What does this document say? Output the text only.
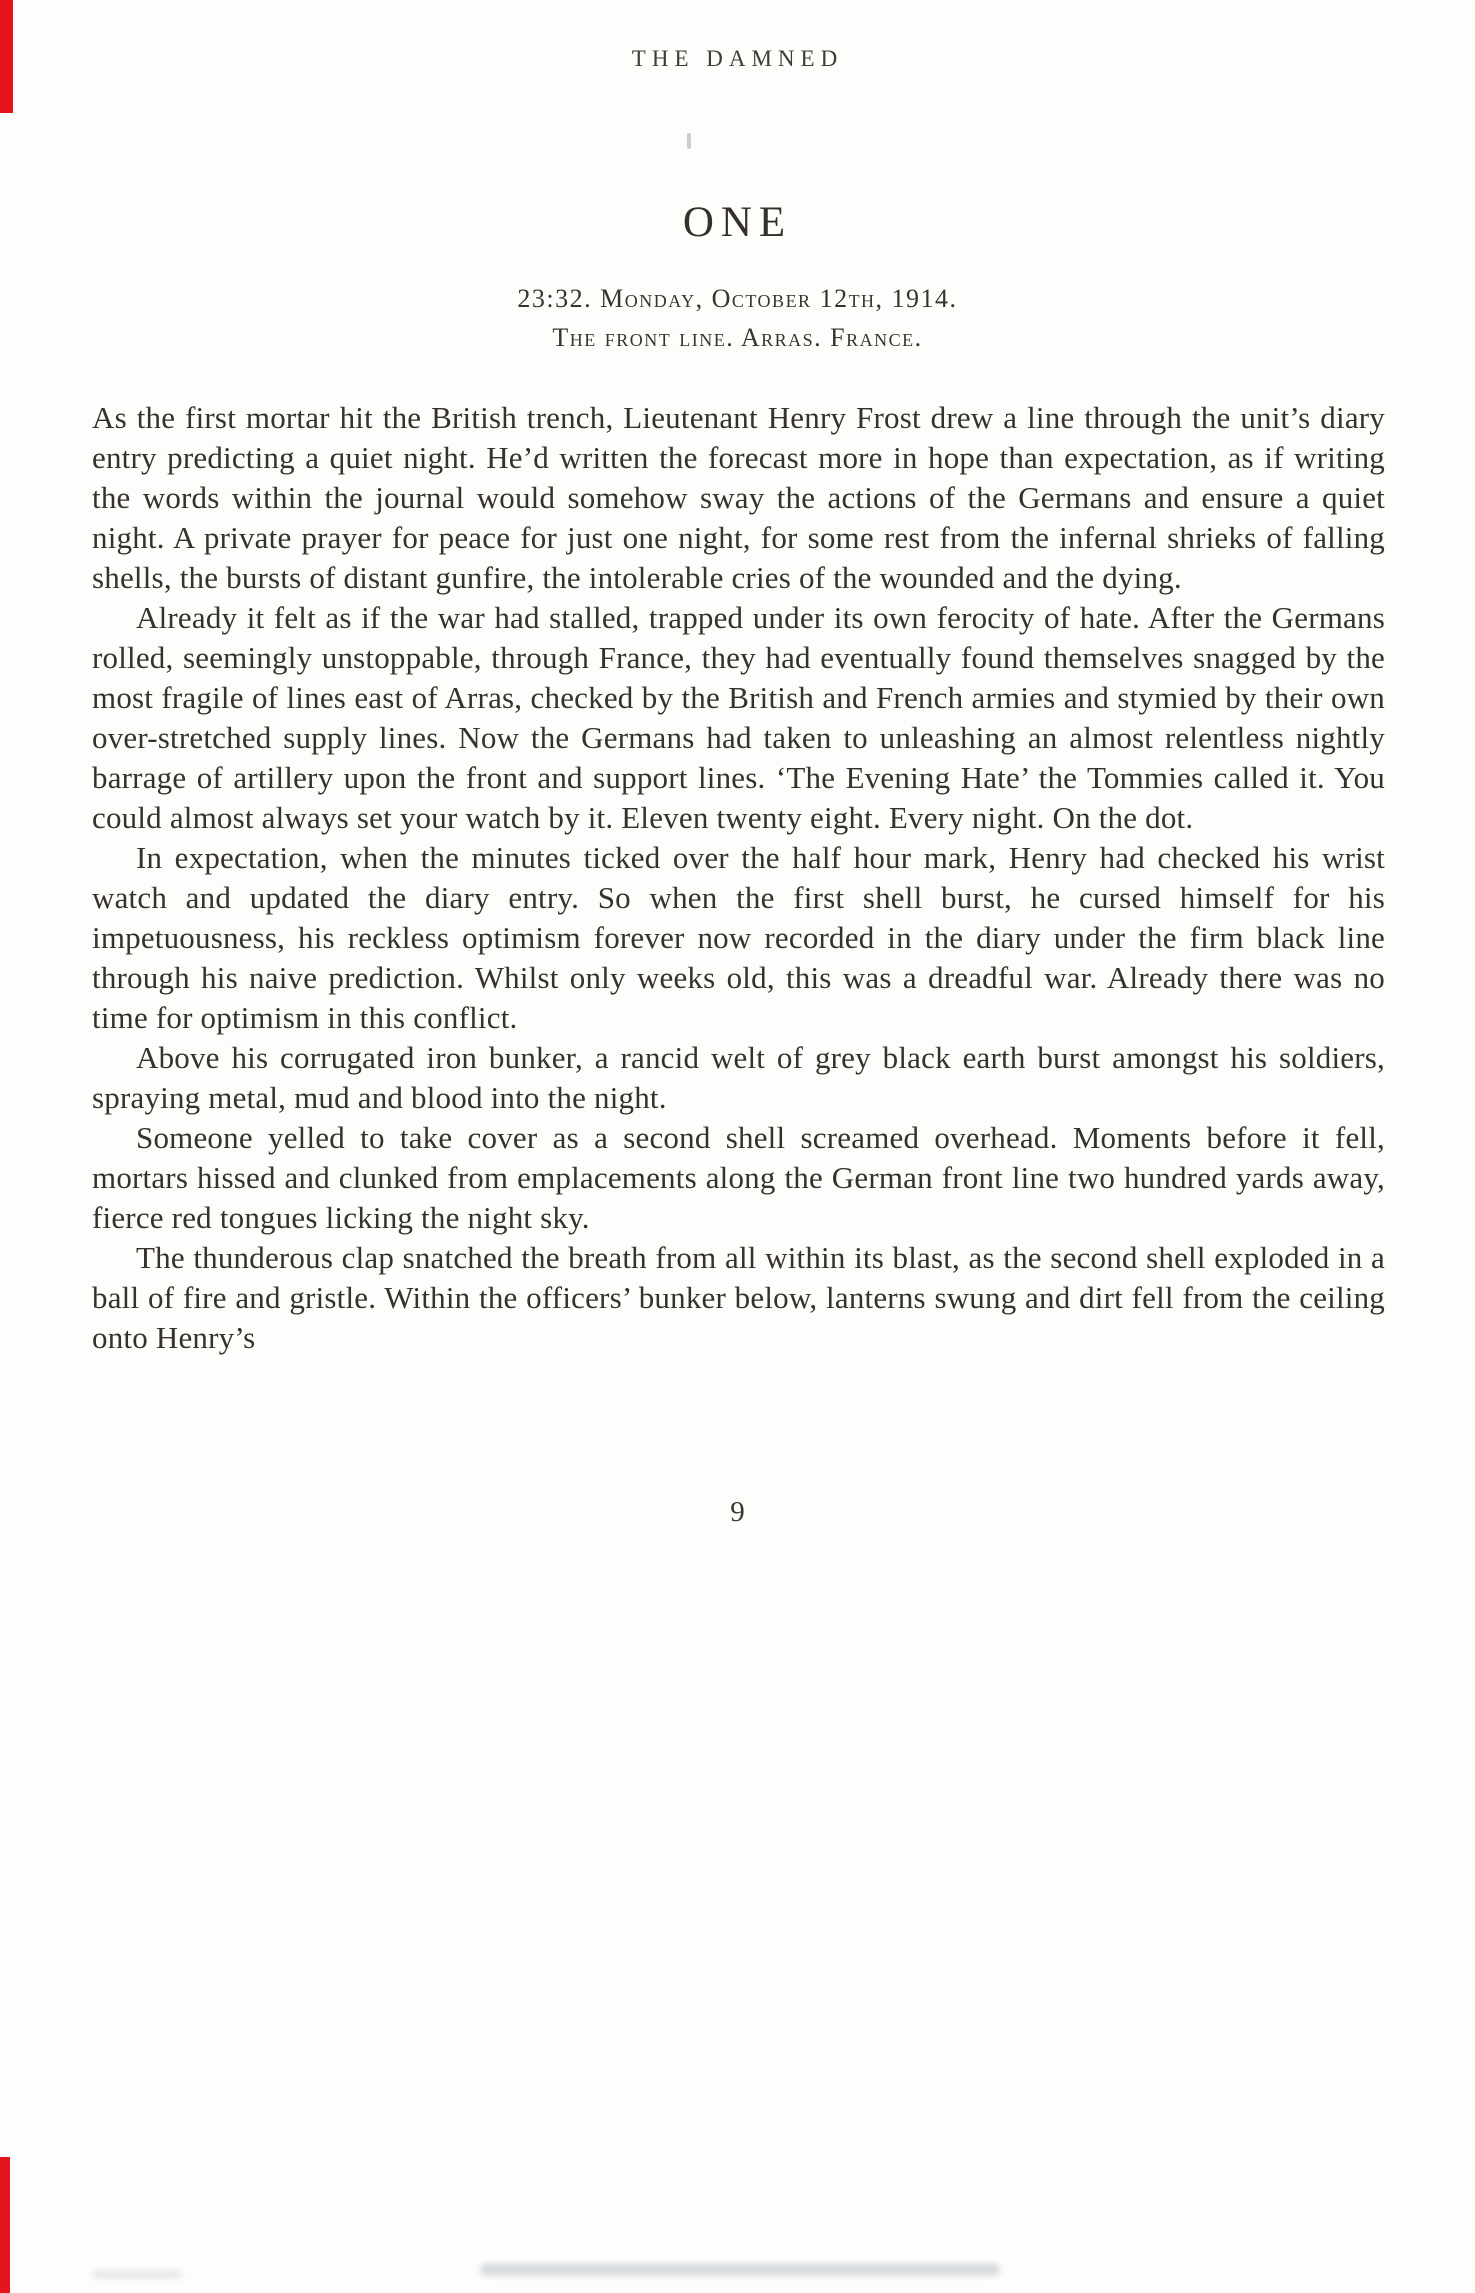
THE DAMNED
ONE
23:32. Monday, October 12th, 1914.
The front line. Arras. France.

As the first mortar hit the British trench, Lieutenant Henry Frost drew a line through the unit’s diary entry predicting a quiet night. He’d written the forecast more in hope than expectation, as if writing the words within the journal would somehow sway the actions of the Germans and ensure a quiet night. A private prayer for peace for just one night, for some rest from the infernal shrieks of falling shells, the bursts of distant gunfire, the intolerable cries of the wounded and the dying.

Already it felt as if the war had stalled, trapped under its own ferocity of hate. After the Germans rolled, seemingly unstoppable, through France, they had eventually found themselves snagged by the most fragile of lines east of Arras, checked by the British and French armies and stymied by their own over-stretched supply lines. Now the Germans had taken to unleashing an almost relentless nightly barrage of artillery upon the front and support lines. ‘The Evening Hate’ the Tommies called it. You could almost always set your watch by it. Eleven twenty eight. Every night. On the dot.

In expectation, when the minutes ticked over the half hour mark, Henry had checked his wrist watch and updated the diary entry. So when the first shell burst, he cursed himself for his impetuousness, his reckless optimism forever now recorded in the diary under the firm black line through his naive prediction. Whilst only weeks old, this was a dreadful war. Already there was no time for optimism in this conflict.

Above his corrugated iron bunker, a rancid welt of grey black earth burst amongst his soldiers, spraying metal, mud and blood into the night.

Someone yelled to take cover as a second shell screamed overhead. Moments before it fell, mortars hissed and clunked from emplacements along the German front line two hundred yards away, fierce red tongues licking the night sky.

The thunderous clap snatched the breath from all within its blast, as the second shell exploded in a ball of fire and gristle. Within the officers’ bunker below, lanterns swung and dirt fell from the ceiling onto Henry’s

9
